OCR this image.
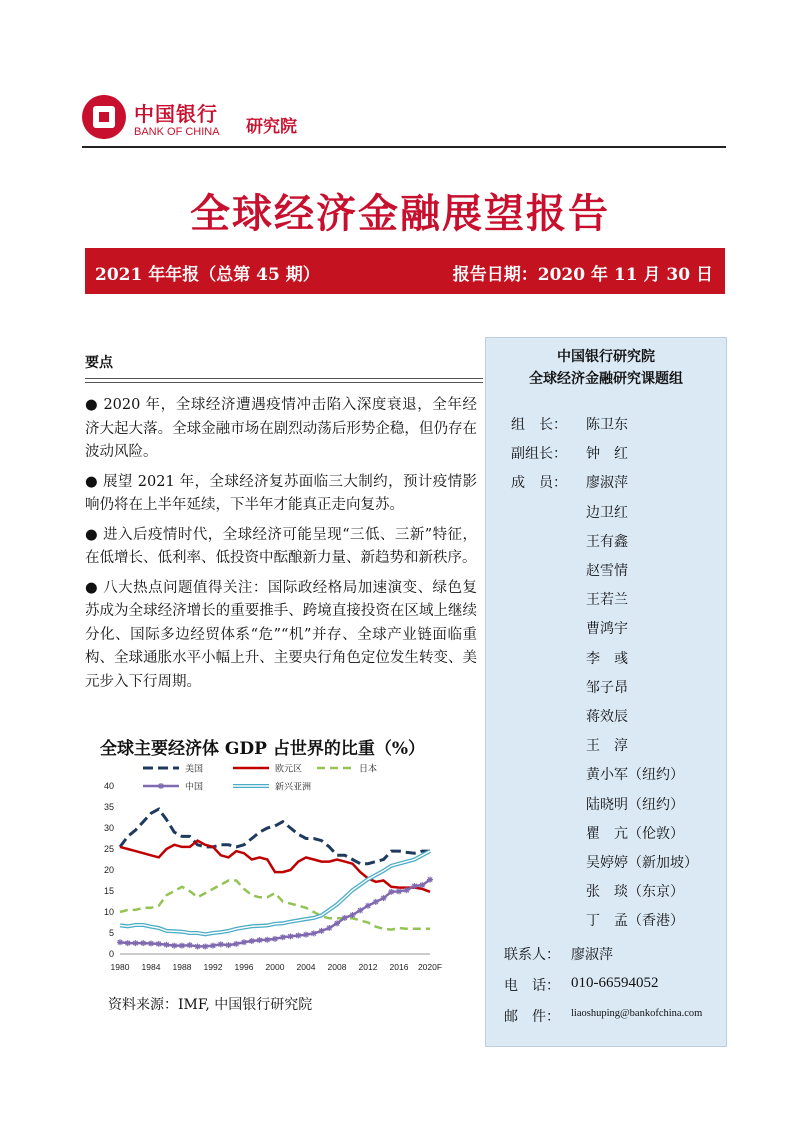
中国银行
BANK OF CHINA 研究院
全球经济金融展望报告
2021 年年报（总第 45 期）	报告日期：2020 年 11 月 30 日
要点

● 2020 年，全球经济遭遇疫情冲击陷入深度衰退，全年经济大起大落。全球金融市场在剧烈动荡后形势企稳，但仍存在波动风险。

● 展望 2021 年，全球经济复苏面临三大制约，预计疫情影响仍将在上半年延续，下半年才能真正走向复苏。

● 进入后疫情时代，全球经济可能呈现“三低、三新”特征，在低增长、低利率、低投资中酝酿新力量、新趋势和新秩序。

● 八大热点问题值得关注：国际政经格局加速演变、绿色复苏成为全球经济增长的重要推手、跨境直接投资在区域上继续分化、国际多边经贸体系“危”“机”并存、全球产业链面临重构、全球通胀水平小幅上升、主要央行角色定位发生转变、美元步入下行周期。

中国银行研究院
全球经济金融研究课题组
组　长：	陈卫东
副组长：	钟　红
成　员：	廖淑萍
边卫红
王有鑫
赵雪情
王若兰
曹鸿宇
李　彧
邹子昂
蒋效辰
王　淳
黄小军（纽约）
陆晓明（纽约）
瞿　亢（伦敦）
吴婷婷（新加坡）
张　琰（东京）
丁　孟（香港）
联系人： 廖淑萍
电　话： 010-66594052
邮　件： liaoshuping@bankofchina.com
全球主要经济体 GDP 占世界的比重（%）
0
5
10
15
20
25
30
35
40
1980 1984 1988 1992 1996 2000 2004 2008 2012 2016 2020F
美国	欧元区	日本
中国	新兴亚洲
资料来源：IMF, 中国银行研究院
